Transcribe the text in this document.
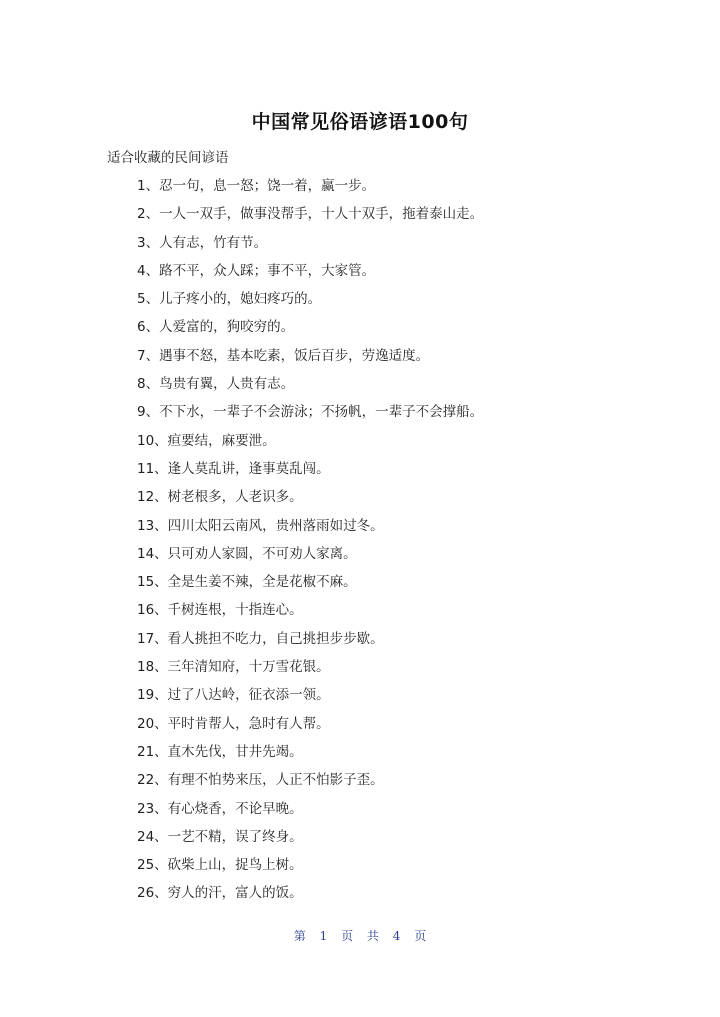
中国常见俗语谚语100句
适合收藏的民间谚语
1、忍一句，息一怒；饶一着，赢一步。
2、一人一双手，做事没帮手，十人十双手，拖着泰山走。
3、人有志，竹有节。
4、路不平，众人踩；事不平，大家管。
5、儿子疼小的，媳妇疼巧的。
6、人爱富的，狗咬穷的。
7、遇事不怒，基本吃素，饭后百步，劳逸适度。
8、鸟贵有翼，人贵有志。
9、不下水，一辈子不会游泳；不扬帆，一辈子不会撑船。
10、疸要结，麻要泄。
11、逢人莫乱讲，逢事莫乱闯。
12、树老根多，人老识多。
13、四川太阳云南风，贵州落雨如过冬。
14、只可劝人家圆，不可劝人家离。
15、全是生姜不辣，全是花椒不麻。
16、千树连根，十指连心。
17、看人挑担不吃力，自己挑担步步歇。
18、三年清知府，十万雪花银。
19、过了八达岭，征衣添一领。
20、平时肯帮人，急时有人帮。
21、直木先伐，甘井先竭。
22、有理不怕势来压，人正不怕影子歪。
23、有心烧香，不论早晚。
24、一艺不精，误了终身。
25、砍柴上山，捉鸟上树。
26、穷人的汗，富人的饭。
第 1 页 共 4 页
